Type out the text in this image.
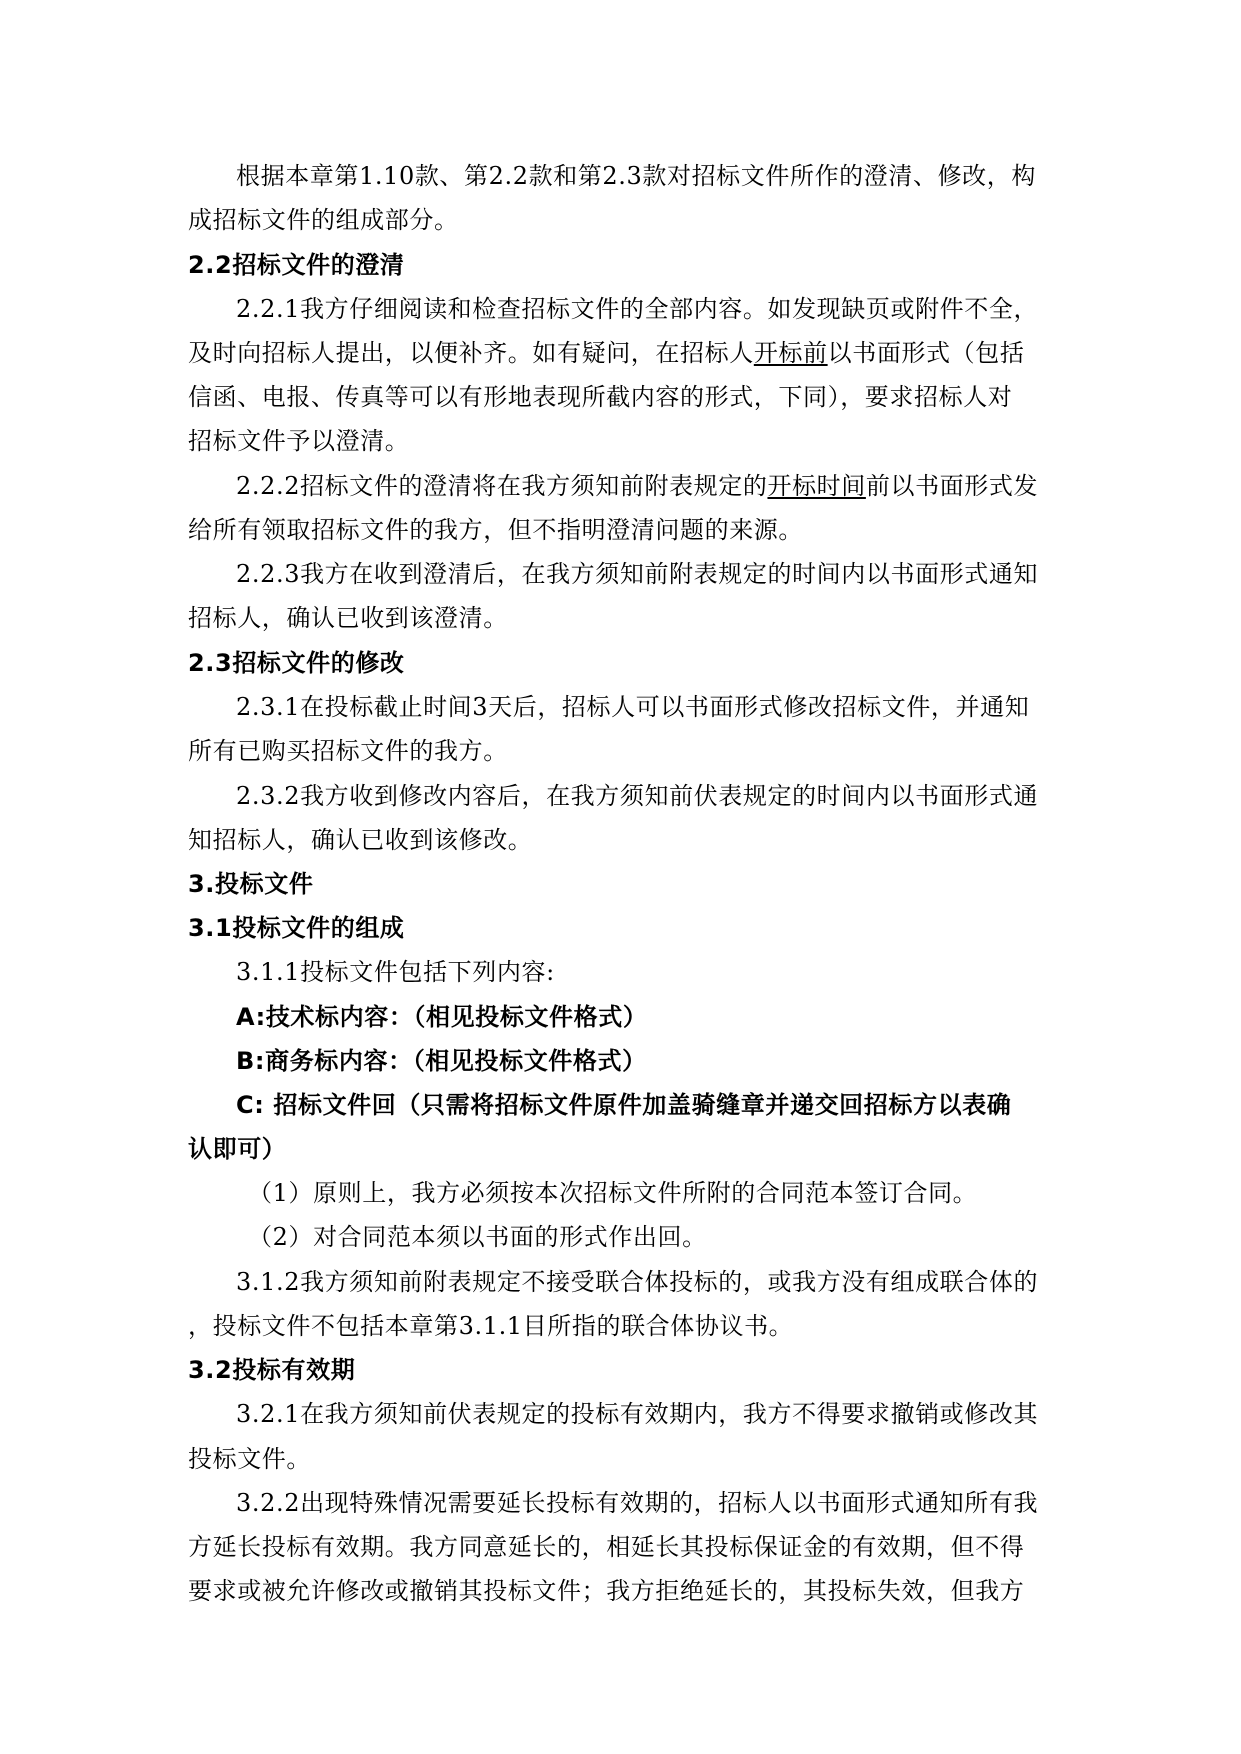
根据本章第1.10款、第2.2款和第2.3款对招标文件所作的澄清、修改，构
成招标文件的组成部分。
2.2招标文件的澄清
2.2.1我方仔细阅读和检查招标文件的全部内容。如发现缺页或附件不全，
及时向招标人提出，以便补齐。如有疑问，在招标人开标前以书面形式（包括
信函、电报、传真等可以有形地表现所截内容的形式，下同），要求招标人对
招标文件予以澄清。
2.2.2招标文件的澄清将在我方须知前附表规定的开标时间前以书面形式发
给所有领取招标文件的我方，但不指明澄清问题的来源。
2.2.3我方在收到澄清后，在我方须知前附表规定的时间内以书面形式通知
招标人，确认已收到该澄清。
2.3招标文件的修改
2.3.1在投标截止时间3天后，招标人可以书面形式修改招标文件，并通知
所有已购买招标文件的我方。
2.3.2我方收到修改内容后，在我方须知前伏表规定的时间内以书面形式通
知招标人，确认已收到该修改。
3.投标文件
3.1投标文件的组成
3.1.1投标文件包括下列内容:
A:技术标内容：（相见投标文件格式）
B:商务标内容：（相见投标文件格式）
C: 招标文件回（只需将招标文件原件加盖骑缝章并递交回招标方以表确
认即可）
（1）原则上，我方必须按本次招标文件所附的合同范本签订合同。
（2）对合同范本须以书面的形式作出回。
3.1.2我方须知前附表规定不接受联合体投标的，或我方没有组成联合体的
，投标文件不包括本章第3.1.1目所指的联合体协议书。
3.2投标有效期
3.2.1在我方须知前伏表规定的投标有效期内，我方不得要求撤销或修改其
投标文件。
3.2.2出现特殊情况需要延长投标有效期的，招标人以书面形式通知所有我
方延长投标有效期。我方同意延长的，相延长其投标保证金的有效期，但不得
要求或被允许修改或撤销其投标文件；我方拒绝延长的，其投标失效，但我方
